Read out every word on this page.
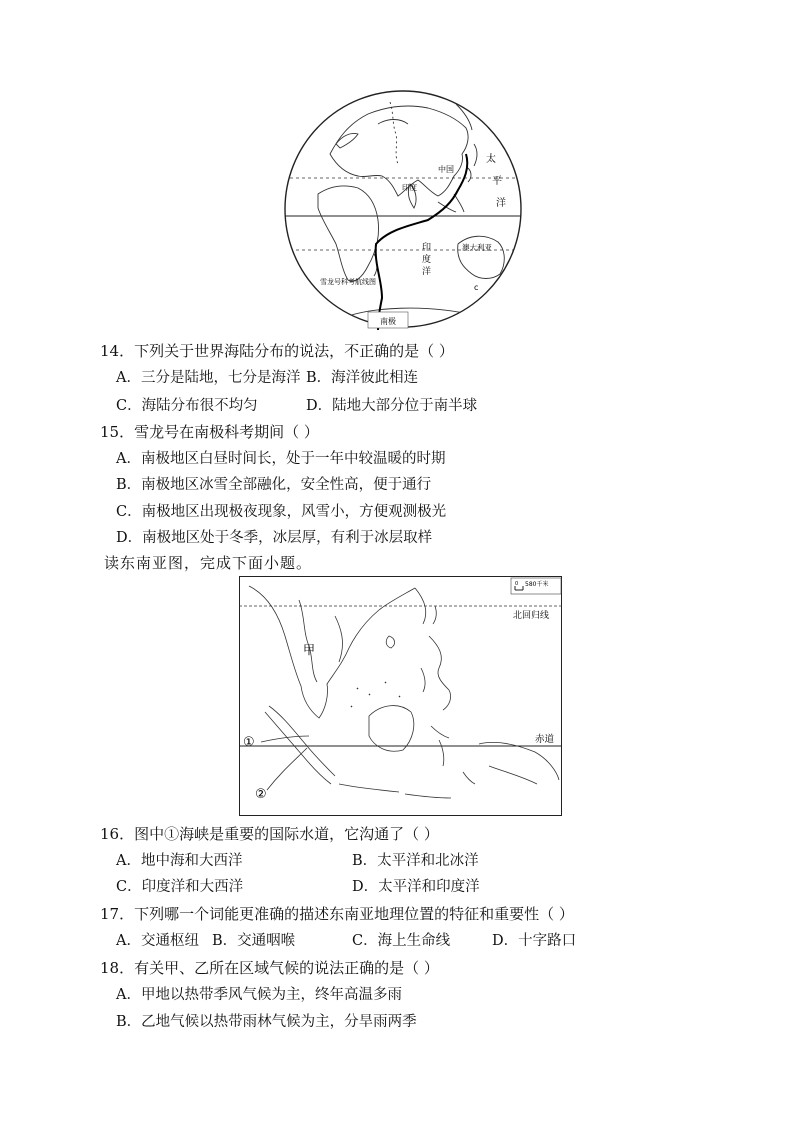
南极
中国
印度
太
平
洋
印
度
洋
澳大利亚
雪龙号科考航线图
c
14．下列关于世界海陆分布的说法，不正确的是（ ）
A．三分是陆地，七分是海洋 B．海洋彼此相连
C．海陆分布很不均匀	D．陆地大部分位于南半球
15．雪龙号在南极科考期间（ ）
A．南极地区白昼时间长，处于一年中较温暖的时期
B．南极地区冰雪全部融化，安全性高，便于通行
C．南极地区出现极夜现象，风雪小，方便观测极光
D．南极地区处于冬季，冰层厚，有利于冰层取样
读东南亚图，完成下面小题。
0 580千米
北回归线
赤道
甲
①
②
16．图中①海峡是重要的国际水道，它沟通了（ ）
A．地中海和大西洋	B．太平洋和北冰洋
C．印度洋和大西洋	D．太平洋和印度洋
17．下列哪一个词能更准确的描述东南亚地理位置的特征和重要性（ ）
A．交通枢纽 B．交通咽喉	C．海上生命线	D．十字路口
18．有关甲、乙所在区域气候的说法正确的是（ ）
A．甲地以热带季风气候为主，终年高温多雨
B．乙地气候以热带雨林气候为主，分旱雨两季
